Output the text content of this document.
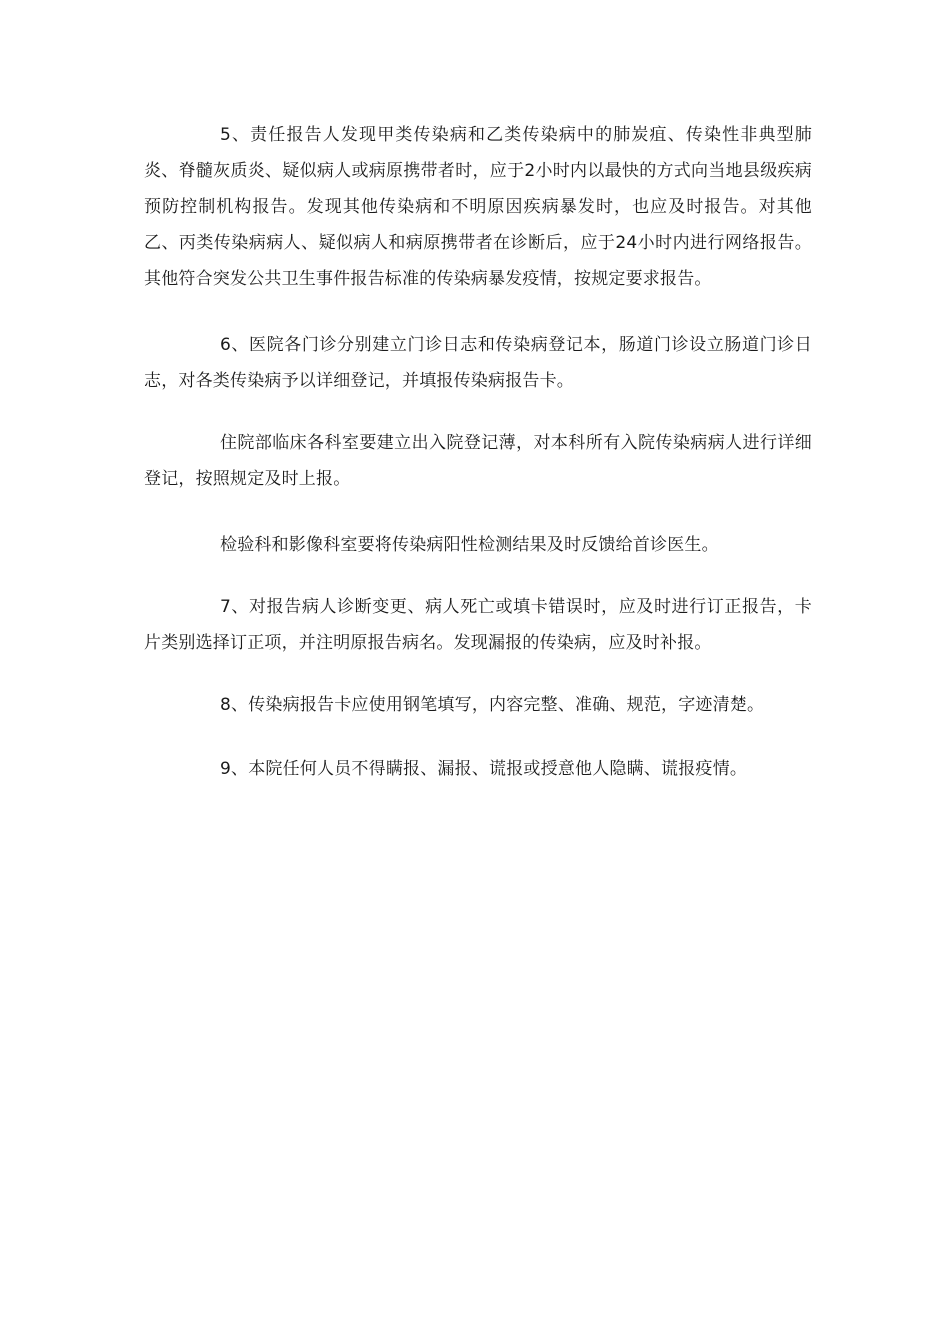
5、责任报告人发现甲类传染病和乙类传染病中的肺炭疽、传染性非典型肺炎、脊髓灰质炎、疑似病人或病原携带者时，应于2小时内以最快的方式向当地县级疾病预防控制机构报告。发现其他传染病和不明原因疾病暴发时，也应及时报告。对其他乙、丙类传染病病人、疑似病人和病原携带者在诊断后，应于24小时内进行网络报告。其他符合突发公共卫生事件报告标准的传染病暴发疫情，按规定要求报告。

6、医院各门诊分别建立门诊日志和传染病登记本，肠道门诊设立肠道门诊日志，对各类传染病予以详细登记，并填报传染病报告卡。

住院部临床各科室要建立出入院登记薄，对本科所有入院传染病病人进行详细登记，按照规定及时上报。

检验科和影像科室要将传染病阳性检测结果及时反馈给首诊医生。

7、对报告病人诊断变更、病人死亡或填卡错误时，应及时进行订正报告，卡片类别选择订正项，并注明原报告病名。发现漏报的传染病，应及时补报。

8、传染病报告卡应使用钢笔填写，内容完整、准确、规范，字迹清楚。

9、本院任何人员不得瞒报、漏报、谎报或授意他人隐瞒、谎报疫情。
